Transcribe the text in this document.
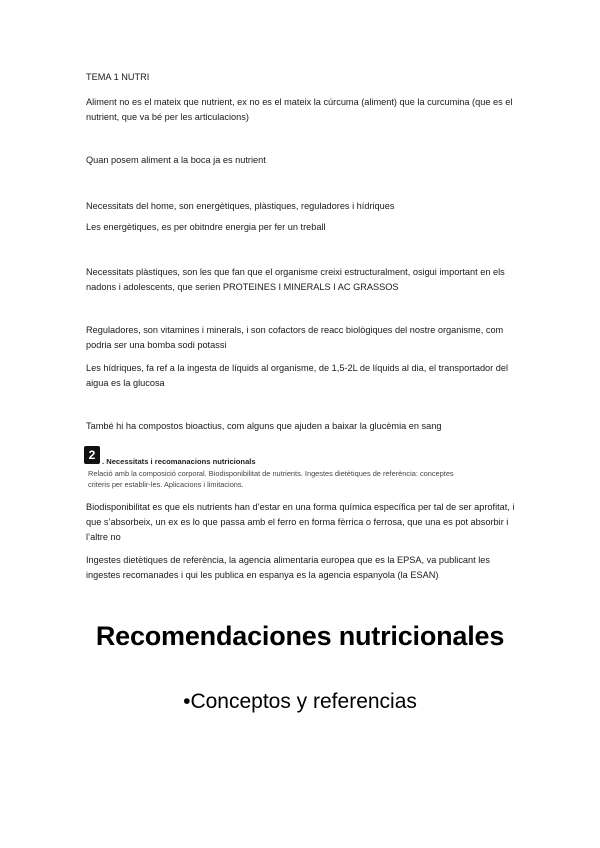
TEMA 1 NUTRI

Aliment no es el mateix que nutrient, ex no es el mateix la cúrcuma (aliment) que la curcumina (que es el nutrient, que va bé per les articulacions)

Quan posem aliment a la boca ja es nutrient

Necessitats del home, son energètiques, plàstiques, reguladores i hídriques

Les energètiques, es per obitndre energia per fer un treball

Necessitats plàstiques, son les que fan que el organisme creixi estructuralment, osigui important en els nadons i adolescents, que serien PROTEINES I MINERALS I AC GRASSOS

Reguladores, son vitamines i minerals, i son cofactors de reacc biològiques del nostre organisme, com podria ser una bomba sodi potassi

Les hídriques, fa ref a la ingesta de líquids al organisme, de 1,5-2L de líquids al dia, el transportador del aigua es la glucosa

També hi ha compostos bioactius, com alguns que ajuden a baixar la glucèmia en sang

2 . Necessitats i recomanacions nutricionals
Relació amb la composició corporal. Biodisponibilitat de nutrients. Ingestes dietètiques de referència: conceptes
criteris per establir-les. Aplicacions i limitacions.

Biodisponibilitat es que els nutrients han d’estar en una forma química específica per tal de ser aprofitat, i que s’absorbeix, un ex es lo que passa amb el ferro en forma fèrrica o ferrosa, que una es pot absorbir i l’altre no

Ingestes dietètiques de referència, la agencia alimentaria europea que es la EPSA, va publicant les ingestes recomanades i qui les publica en espanya es la agencia espanyola (la ESAN)

Recomendaciones nutricionales

•Conceptos y referencias
